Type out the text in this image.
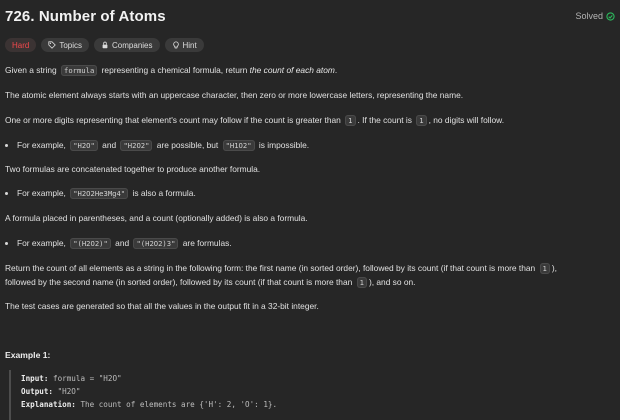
726. Number of Atoms	Solved
Hard	Topics	Companies	Hint
Given a string formula representing a chemical formula, return the count of each atom.
The atomic element always starts with an uppercase character, then zero or more lowercase letters, representing the name.
One or more digits representing that element's count may follow if the count is greater than 1 . If the count is 1 , no digits will follow.
For example, "H2O" and "H2O2" are possible, but "H1O2" is impossible.
Two formulas are concatenated together to produce another formula.
For example, "H2O2He3Mg4" is also a formula.
A formula placed in parentheses, and a count (optionally added) is also a formula.
For example, "(H2O2)" and "(H2O2)3" are formulas.
Return the count of all elements as a string in the following form: the first name (in sorted order), followed by its count (if that count is more than 1 ),
followed by the second name (in sorted order), followed by its count (if that count is more than 1 ), and so on.
The test cases are generated so that all the values in the output fit in a 32-bit integer.
Example 1:
Input: formula = "H2O"
Output: "H2O"
Explanation: The count of elements are {'H': 2, 'O': 1}.
